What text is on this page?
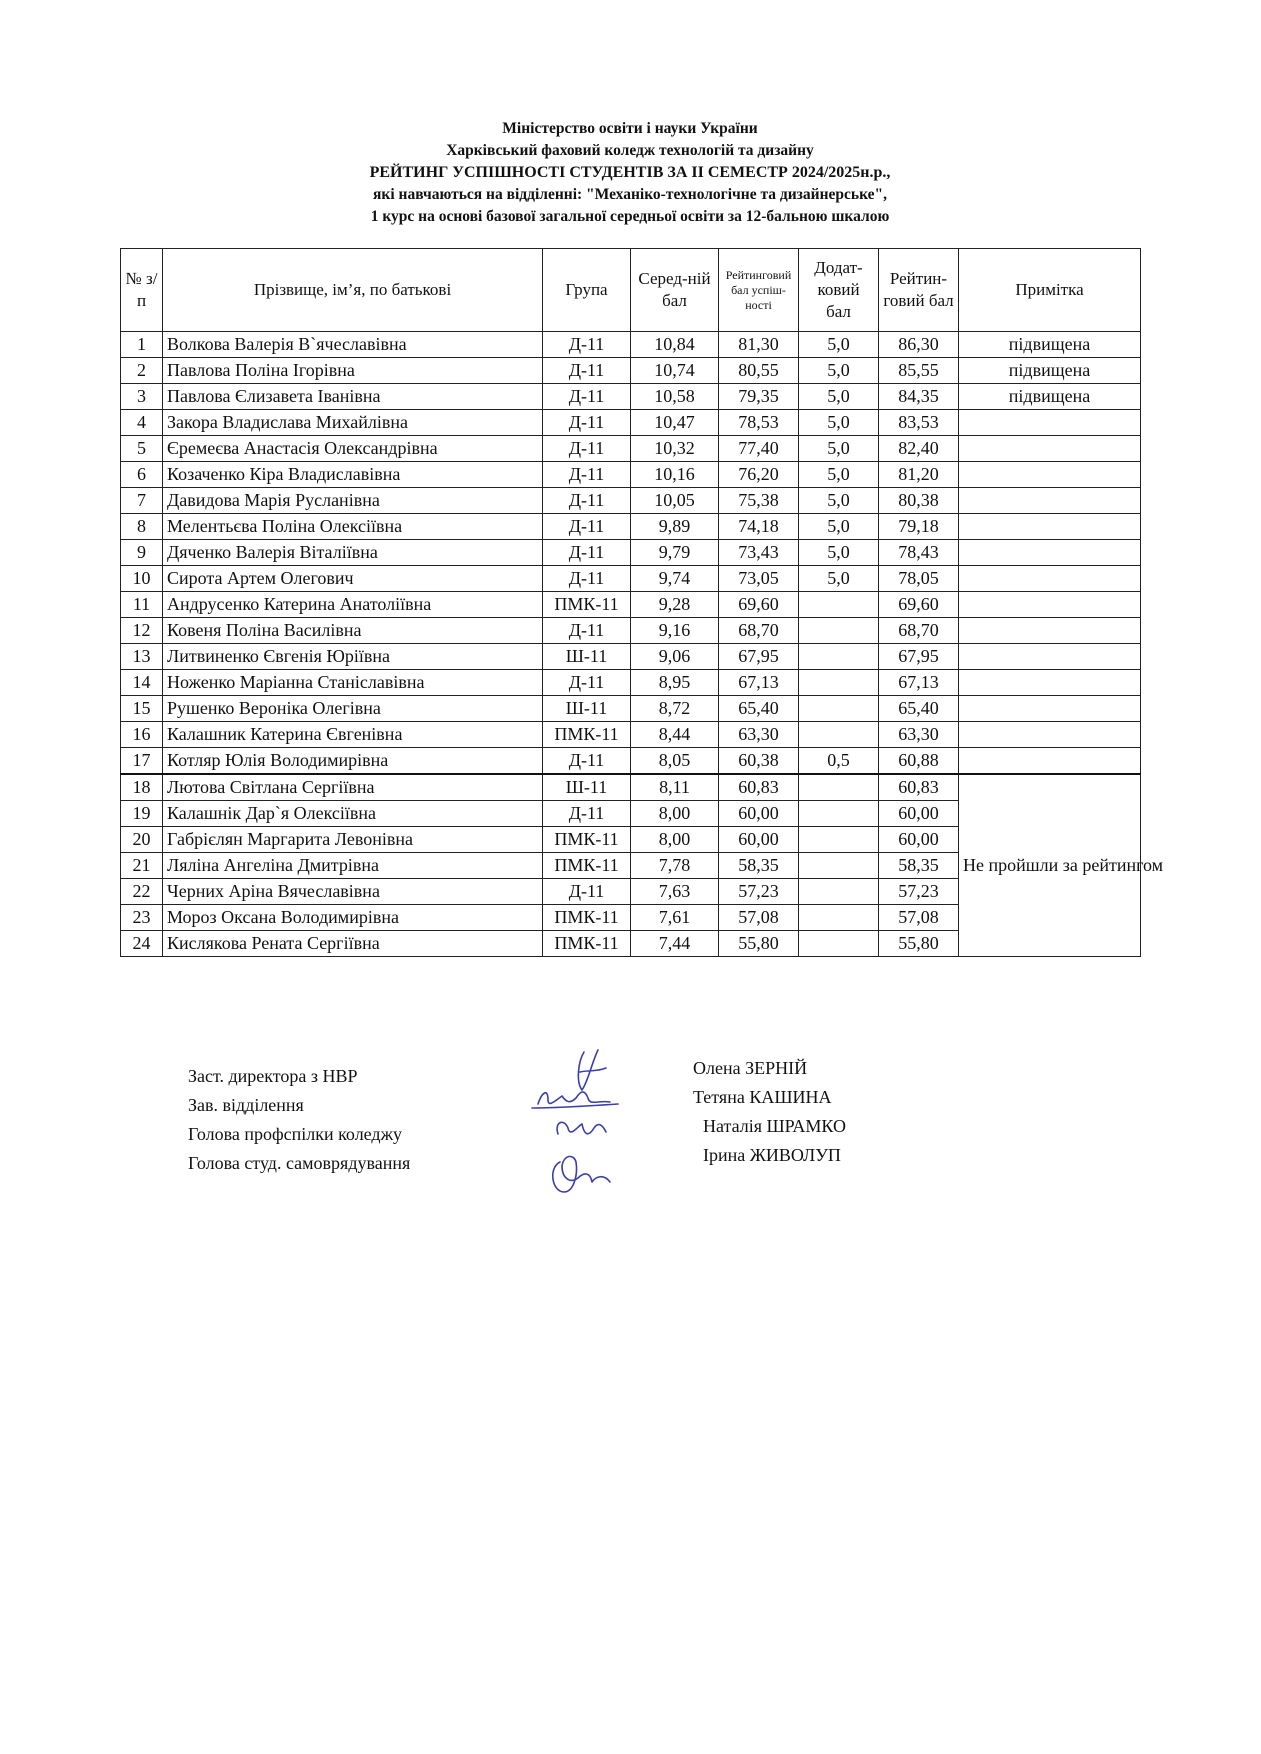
Міністерство освіти і науки України
Харківський фаховий коледж технологій та дизайну
РЕЙТИНГ УСПІШНОСТІ СТУДЕНТІВ ЗА ІІ СЕМЕСТР 2024/2025н.р.,
які навчаються на відділенні: "Механіко-технологічне та дизайнерське",
1 курс на основі базової загальної середньої освіти за 12-бальною шкалою
№ з/п	Прізвище, ім’я, по батькові	Група	Серед-ній бал	Рейтинговий бал успіш-ності	Додат-ковий бал	Рейтин-говий бал	Примітка
1	Волкова Валерія В`ячеславівна	Д-11	10,84	81,30	5,0	86,30	підвищена
2	Павлова Поліна Ігорівна	Д-11	10,74	80,55	5,0	85,55	підвищена
3	Павлова Єлизавета Іванівна	Д-11	10,58	79,35	5,0	84,35	підвищена
4	Закора Владислава Михайлівна	Д-11	10,47	78,53	5,0	83,53	
5	Єремеєва Анастасія Олександрівна	Д-11	10,32	77,40	5,0	82,40	
6	Козаченко Кіра Владиславівна	Д-11	10,16	76,20	5,0	81,20	
7	Давидова Марія Русланівна	Д-11	10,05	75,38	5,0	80,38	
8	Мелентьєва Поліна Олексіївна	Д-11	9,89	74,18	5,0	79,18	
9	Дяченко Валерія Віталіївна	Д-11	9,79	73,43	5,0	78,43	
10	Сирота Артем Олегович	Д-11	9,74	73,05	5,0	78,05	
11	Андрусенко Катерина Анатоліївна	ПМК-11	9,28	69,60		69,60	
12	Ковеня Поліна Василівна	Д-11	9,16	68,70		68,70	
13	Литвиненко Євгенія Юріївна	Ш-11	9,06	67,95		67,95	
14	Ноженко Маріанна Станіславівна	Д-11	8,95	67,13		67,13	
15	Рушенко Вероніка Олегівна	Ш-11	8,72	65,40		65,40	
16	Калашник Катерина Євгенівна	ПМК-11	8,44	63,30		63,30	
17	Котляр Юлія Володимирівна	Д-11	8,05	60,38	0,5	60,88	
18	Лютова Світлана Сергіївна	Ш-11	8,11	60,83		60,83	Не пройшли за рейтингом
19	Калашнік Дар`я Олексіївна	Д-11	8,00	60,00		60,00	
20	Габрієлян Маргарита Левонівна	ПМК-11	8,00	60,00		60,00	
21	Ляліна Ангеліна Дмитрівна	ПМК-11	7,78	58,35		58,35	
22	Черних Аріна Вячеславівна	Д-11	7,63	57,23		57,23	
23	Мороз Оксана Володимирівна	ПМК-11	7,61	57,08		57,08	
24	Кислякова Рената Сергіївна	ПМК-11	7,44	55,80		55,80	
Заст. директора з НВР
Зав. відділення
Голова профспілки коледжу
Голова студ. самоврядування
Олена ЗЕРНІЙ
Тетяна КАШИНА
Наталія ШРАМКО
Ірина ЖИВОЛУП
